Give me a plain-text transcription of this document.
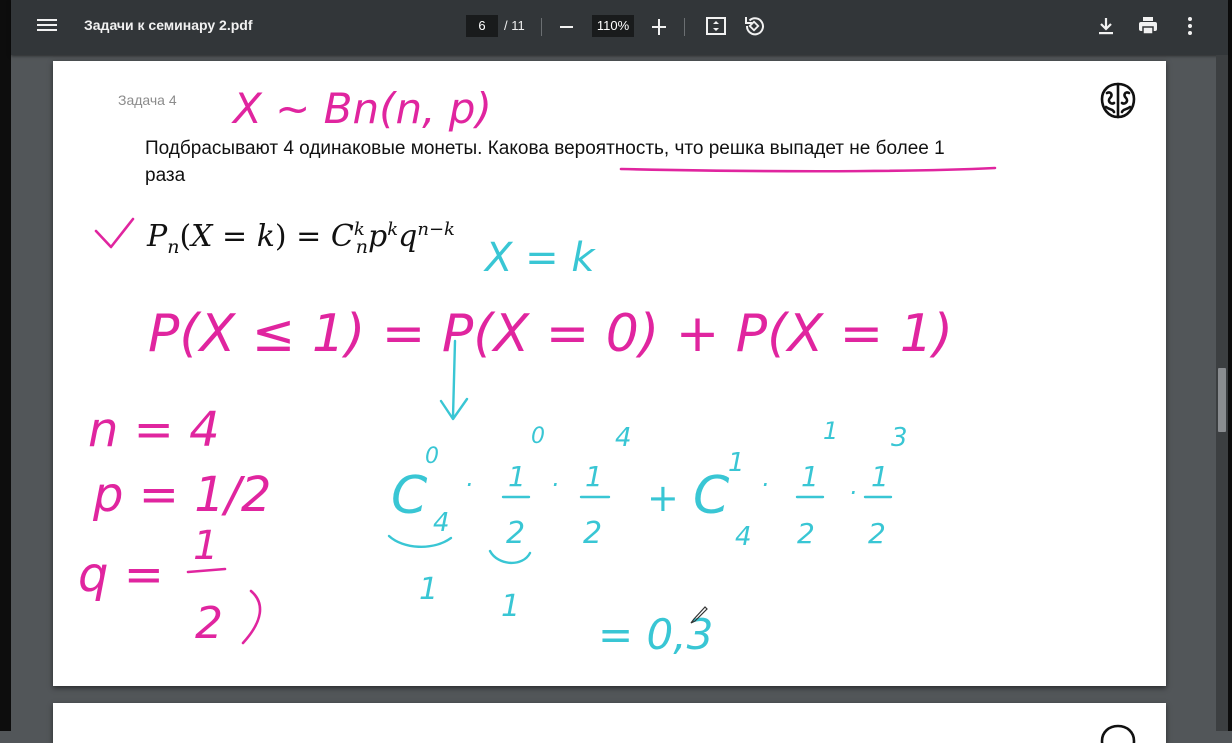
Задачи к семинару 2.pdf	6	/ 11	110%
Задача 4
Подбрасывают 4 одинаковые монеты. Какова вероятность, что решка выпадет не более 1 раза
$P_n(X = k) = C^k_np^kq^{n-k}$
X ~ Bn(n, p)
P(X ≤ 1) = P(X = 0) + P(X = 1)
n = 4
p = 1/2
q =
1
2
X = k
C
0
4
· 1
2
0
· 1
2
4
+ C
1
4
· 1
2
1
· 1
2
3
1 1
= 0,3
